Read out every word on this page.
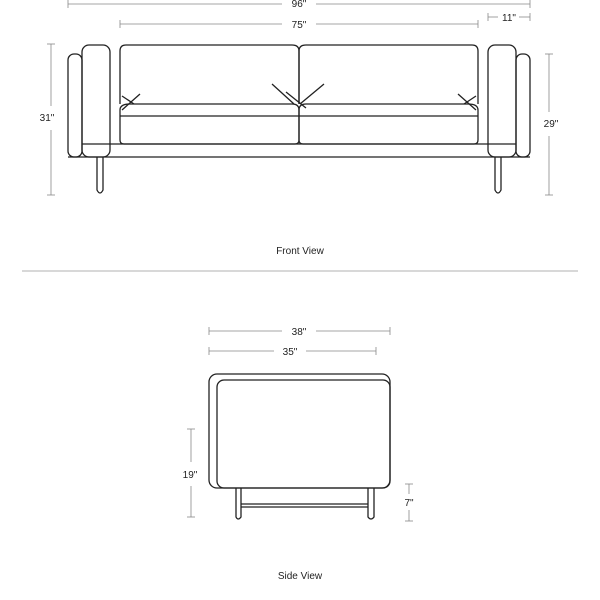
96"
75"
11"
31"
29"
Front View
38"
35"
19"
7"
Side View
